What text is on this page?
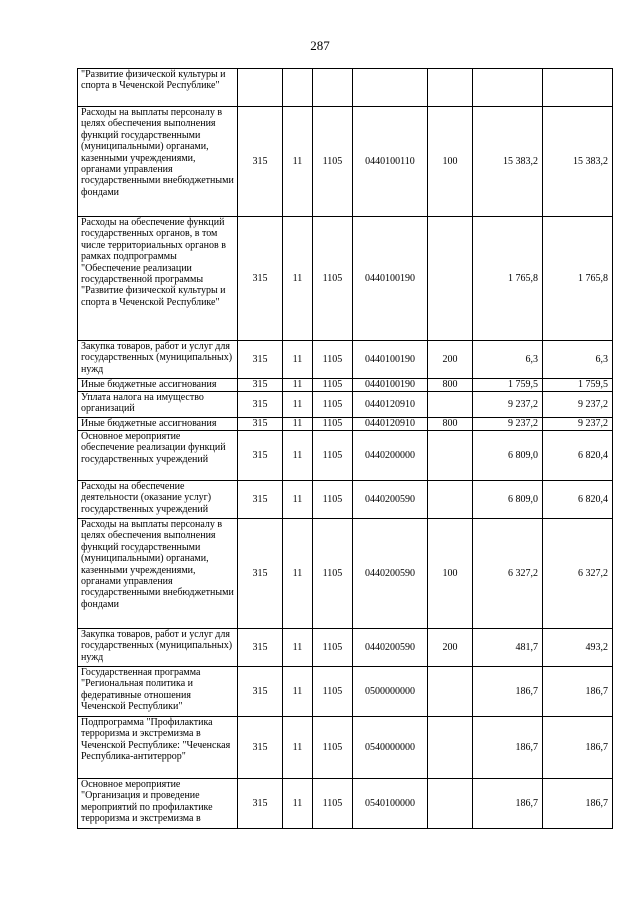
287
"Развитие физической культуры и спорта в Чеченской Республике"							
Расходы на выплаты персоналу в целях обеспечения выполнения функций государственными (муниципальными) органами, казенными учреждениями, органами управления государственными внебюджетными фондами	315	11	1105	0440100110	100	15 383,2	15 383,2
Расходы на обеспечение функций государственных органов, в том числе территориальных органов в рамках подпрограммы "Обеспечение реализации государственной программы "Развитие физической культуры и спорта в Чеченской Республике"	315	11	1105	0440100190		1 765,8	1 765,8
Закупка товаров, работ и услуг для государственных (муниципальных) нужд	315	11	1105	0440100190	200	6,3	6,3
Иные бюджетные ассигнования	315	11	1105	0440100190	800	1 759,5	1 759,5
Уплата налога на имущество организаций	315	11	1105	0440120910		9 237,2	9 237,2
Иные бюджетные ассигнования	315	11	1105	0440120910	800	9 237,2	9 237,2
Основное мероприятие обеспечение реализации функций государственных учреждений	315	11	1105	0440200000		6 809,0	6 820,4
Расходы на обеспечение деятельности (оказание услуг) государственных учреждений	315	11	1105	0440200590		6 809,0	6 820,4
Расходы на выплаты персоналу в целях обеспечения выполнения функций государственными (муниципальными) органами, казенными учреждениями, органами управления государственными внебюджетными фондами	315	11	1105	0440200590	100	6 327,2	6 327,2
Закупка товаров, работ и услуг для государственных (муниципальных) нужд	315	11	1105	0440200590	200	481,7	493,2
Государственная программа "Региональная политика и федеративные отношения Чеченской Республики"	315	11	1105	0500000000		186,7	186,7
Подпрограмма "Профилактика терроризма и экстремизма в Чеченской Республике: "Чеченская Республика-антитеррор"	315	11	1105	0540000000		186,7	186,7
Основное мероприятие "Организация и проведение мероприятий по профилактике терроризма и экстремизма в	315	11	1105	0540100000		186,7	186,7
